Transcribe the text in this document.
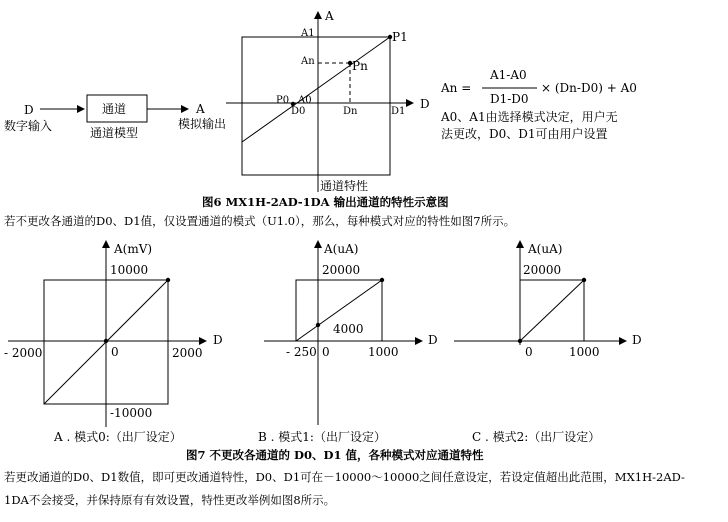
D
数字输入
通道
通道模型
A
模拟输出
A
D
A1
An
P1
Pn
P0 A0
D0	Dn	D1
通道特性
An =
A1-A0
D1-D0
× (Dn-D0) + A0
A0、A1由选择模式决定，用户无
法更改，D0、D1可由用户设置
图6 MX1H-2AD-1DA 输出通道的特性示意图
若不更改各通道的D0、D1值，仅设置通道的模式（U1.0），那么，每种模式对应的特性如图7所示。
A(mV)
D
10000
-10000
- 2000	2000
0
A . 模式0:（出厂设定）
A(uA)
D
20000
4000
- 250 0	1000
B . 模式1:（出厂设定）
A(uA)
D
20000
0	1000
C . 模式2:（出厂设定）
图7 不更改各通道的 D0、D1 值，各种模式对应通道特性
若更改通道的D0、D1数值，即可更改通道特性，D0、D1可在－10000～10000之间任意设定，若设定值超出此范围，MX1H-2AD-
1DA不会接受，并保持原有有效设置，特性更改举例如图8所示。
